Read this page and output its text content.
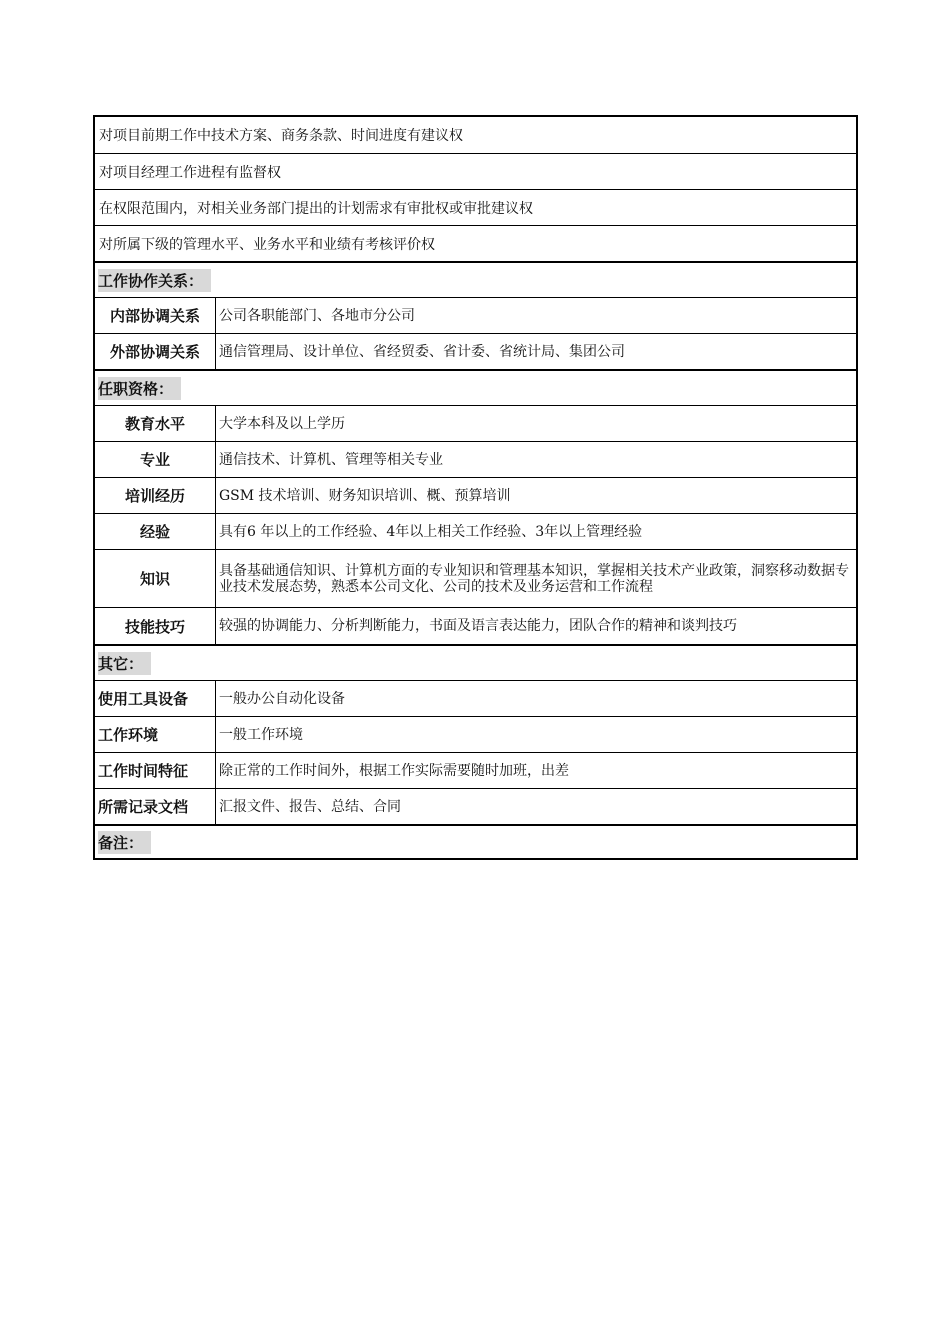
对项目前期工作中技术方案、商务条款、时间进度有建议权
对项目经理工作进程有监督权
在权限范围内，对相关业务部门提出的计划需求有审批权或审批建议权
对所属下级的管理水平、业务水平和业绩有考核评价权
工作协作关系：
内部协调关系	公司各职能部门、各地市分公司
外部协调关系	通信管理局、设计单位、省经贸委、省计委、省统计局、集团公司
任职资格：
教育水平	大学本科及以上学历
专业	通信技术、计算机、管理等相关专业
培训经历	GSM 技术培训、财务知识培训、概、预算培训
经验	具有6 年以上的工作经验、4年以上相关工作经验、3年以上管理经验
知识	具备基础通信知识、计算机方面的专业知识和管理基本知识，掌握相关技术产业政策，洞察移动数据专业技术发展态势，熟悉本公司文化、公司的技术及业务运营和工作流程
技能技巧	较强的协调能力、分析判断能力，书面及语言表达能力，团队合作的精神和谈判技巧
其它：
使用工具设备	一般办公自动化设备
工作环境	一般工作环境
工作时间特征	除正常的工作时间外，根据工作实际需要随时加班，出差
所需记录文档	汇报文件、报告、总结、合同
备注：
